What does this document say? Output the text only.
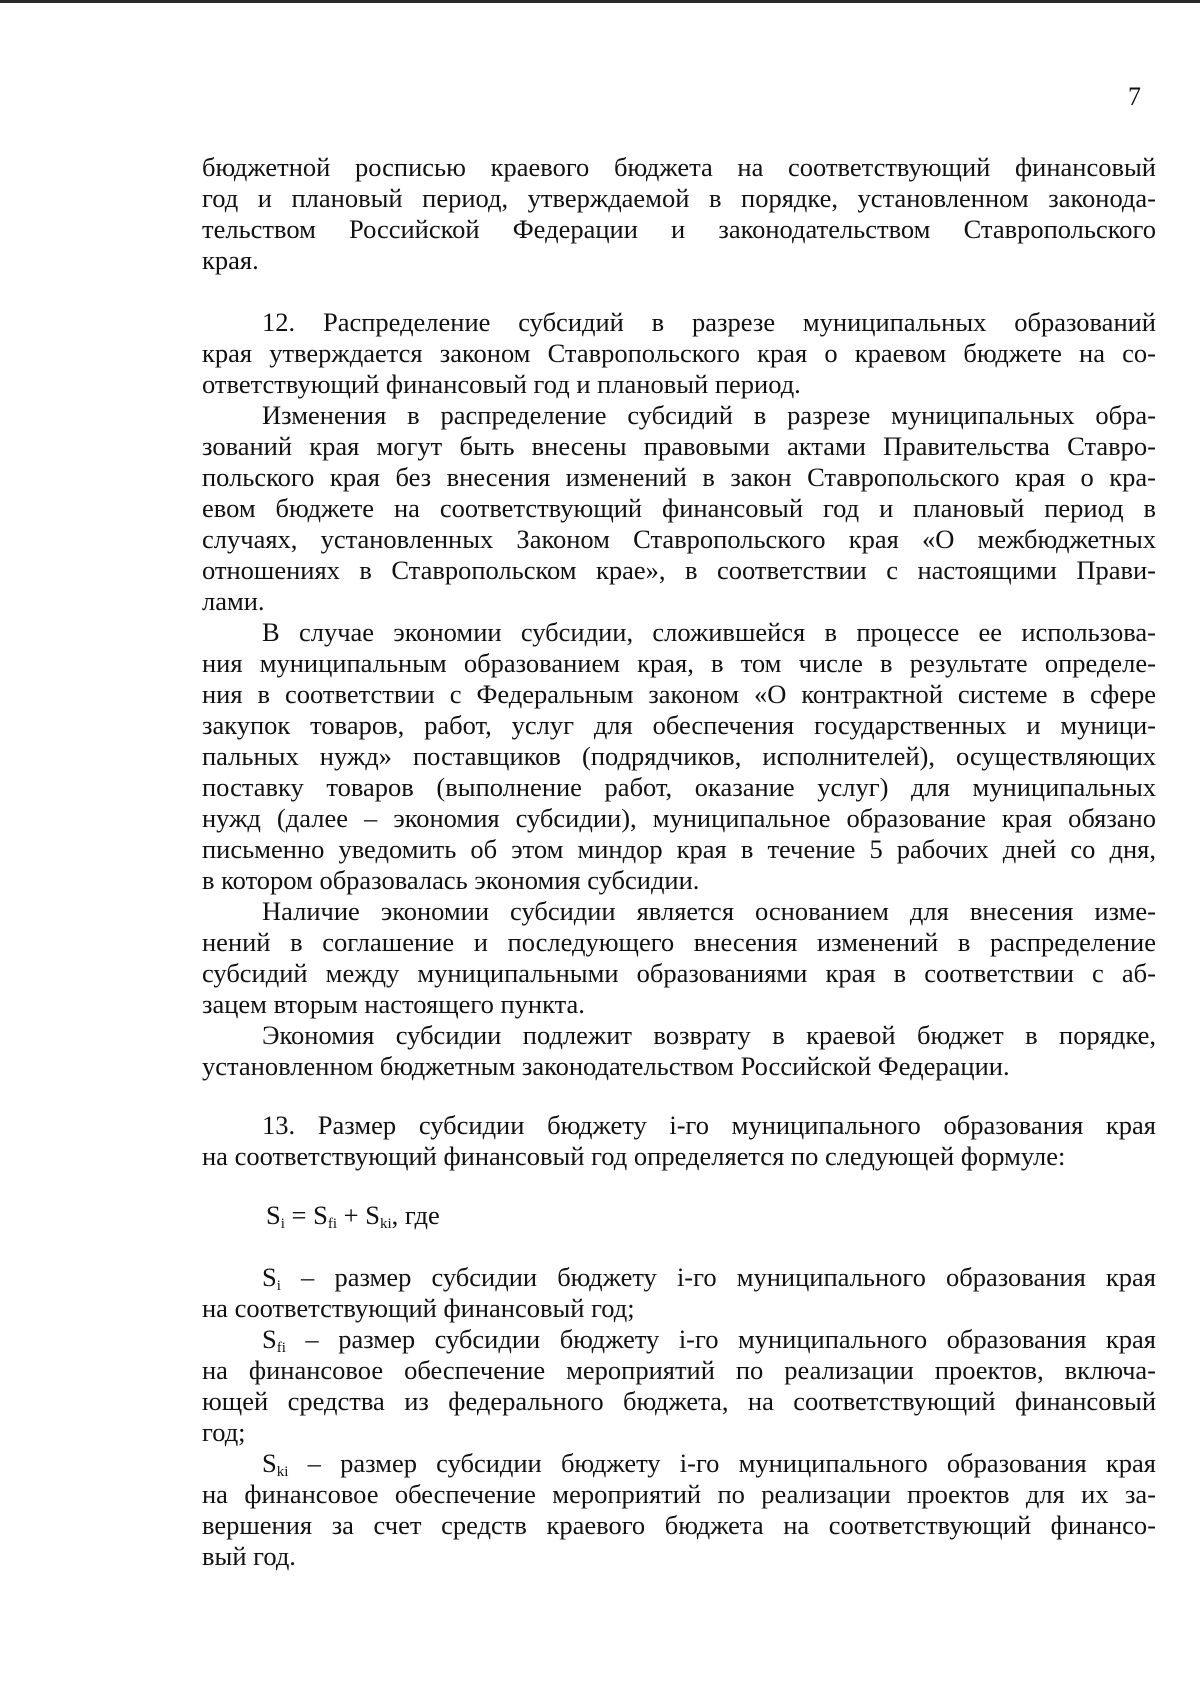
7

бюджетной росписью краевого бюджета на соответствующий финансовый
год и плановый период, утверждаемой в порядке, установленном законода-
тельством Российской Федерации и законодательством Ставропольского
края.

12. Распределение субсидий в разрезе муниципальных образований
края утверждается законом Ставропольского края о краевом бюджете на со-
ответствующий финансовый год и плановый период.

Изменения в распределение субсидий в разрезе муниципальных обра-
зований края могут быть внесены правовыми актами Правительства Ставро-
польского края без внесения изменений в закон Ставропольского края о кра-
евом бюджете на соответствующий финансовый год и плановый период в
случаях, установленных Законом Ставропольского края «О межбюджетных
отношениях в Ставропольском крае», в соответствии с настоящими Прави-
лами.

В случае экономии субсидии, сложившейся в процессе ее использова-
ния муниципальным образованием края, в том числе в результате определе-
ния в соответствии с Федеральным законом «О контрактной системе в сфере
закупок товаров, работ, услуг для обеспечения государственных и муници-
пальных нужд» поставщиков (подрядчиков, исполнителей), осуществляющих
поставку товаров (выполнение работ, оказание услуг) для муниципальных
нужд (далее – экономия субсидии), муниципальное образование края обязано
письменно уведомить об этом миндор края в течение 5 рабочих дней со дня,
в котором образовалась экономия субсидии.

Наличие экономии субсидии является основанием для внесения изме-
нений в соглашение и последующего внесения изменений в распределение
субсидий между муниципальными образованиями края в соответствии с аб-
зацем вторым настоящего пункта.

Экономия субсидии подлежит возврату в краевой бюджет в порядке,
установленном бюджетным законодательством Российской Федерации.

13. Размер субсидии бюджету i-го муниципального образования края
на соответствующий финансовый год определяется по следующей формуле:

$S_i = S_{fi} + S_{ki}$, где

$S_i$ – размер субсидии бюджету i-го муниципального образования края
на соответствующий финансовый год;

$S_{fi}$ – размер субсидии бюджету i-го муниципального образования края
на финансовое обеспечение мероприятий по реализации проектов, включа-
ющей средства из федерального бюджета, на соответствующий финансовый
год;

$S_{ki}$ – размер субсидии бюджету i-го муниципального образования края
на финансовое обеспечение мероприятий по реализации проектов для их за-
вершения за счет средств краевого бюджета на соответствующий финансо-
вый год.
